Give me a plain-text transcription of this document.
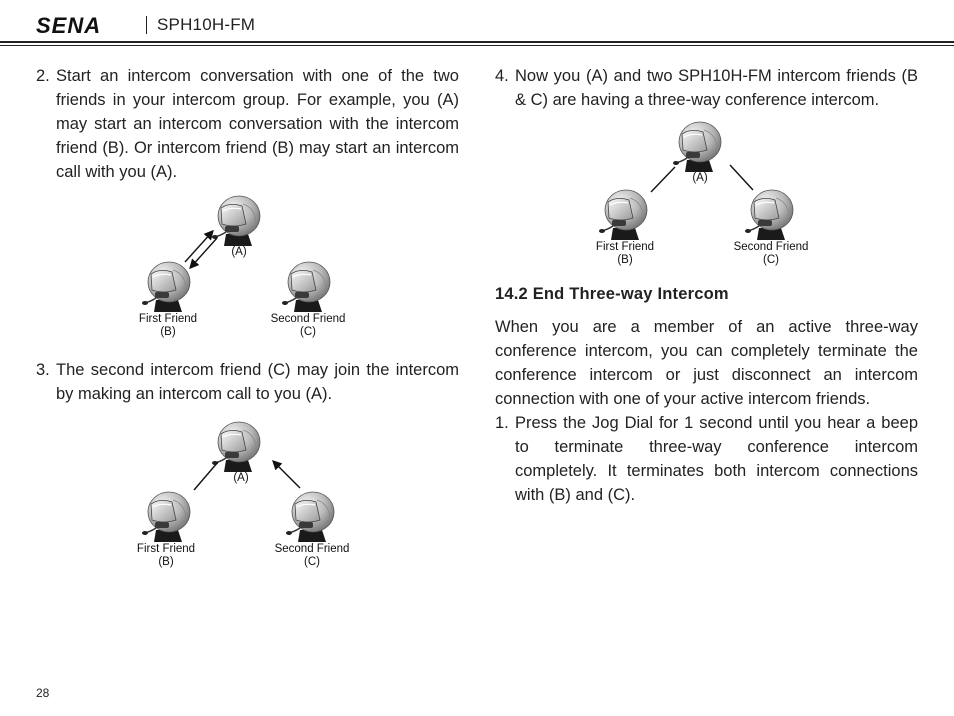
SENA	SPH10H-FM
2. Start an intercom conversation with one of the two friends in your intercom group. For example, you (A) may start an intercom conversation with the intercom friend (B). Or intercom friend (B) may start an intercom call with you (A).
(A)
First Friend
(B)
Second Friend
(C)
3. The second intercom friend (C) may join the intercom by making an intercom call to you (A).
(A)
First Friend
(B)
Second Friend
(C)
4. Now you (A) and two SPH10H-FM intercom friends (B & C) are having a three-way conference intercom.
(A)
First Friend
(B)
Second Friend
(C)
14.2 End Three-way Intercom
When you are a member of an active three-way conference intercom, you can completely terminate the conference intercom or just disconnect an intercom connection with one of your active intercom friends.
1. Press the Jog Dial for 1 second until you hear a beep to terminate three-way conference intercom completely. It terminates both intercom connections with (B) and (C).
28
